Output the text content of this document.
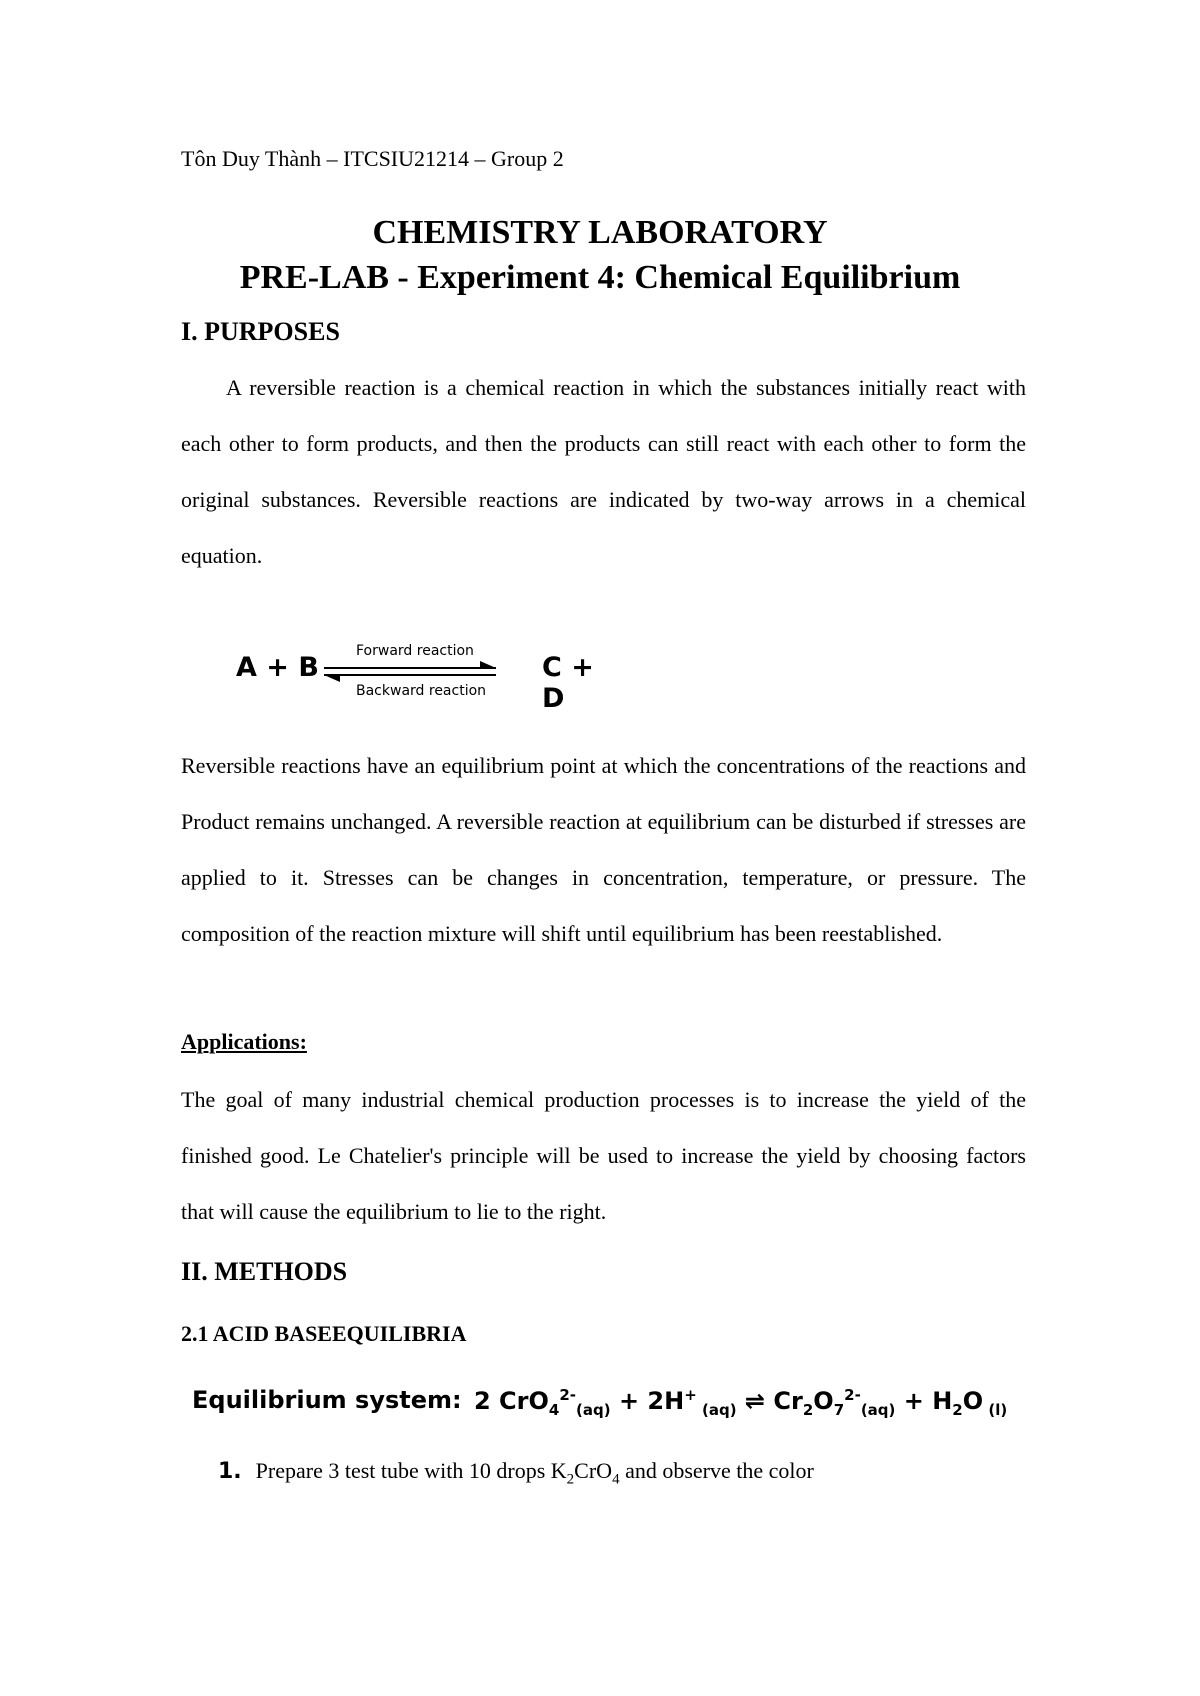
Tôn Duy Thành – ITCSIU21214 – Group 2
CHEMISTRY LABORATORY
PRE-LAB - Experiment 4: Chemical Equilibrium
I. PURPOSES
A reversible reaction is a chemical reaction in which the substances initially react with each other to form products, and then the products can still react with each other to form the original substances. Reversible reactions are indicated by two-way arrows in a chemical equation.
A + B
Forward reaction
Backward reaction
C + D
Reversible reactions have an equilibrium point at which the concentrations of the reactions and Product remains unchanged. A reversible reaction at equilibrium can be disturbed if stresses are applied to it. Stresses can be changes in concentration, temperature, or pressure. The composition of the reaction mixture will shift until equilibrium has been reestablished.
Applications:
The goal of many industrial chemical production processes is to increase the yield of the finished good. Le Chatelier's principle will be used to increase the yield by choosing factors that will cause the equilibrium to lie to the right.
II. METHODS
2.1 ACID BASEEQUILIBRIA
Equilibrium system: 2 CrO$_4^{2-}_{(aq)}$ + 2H+ $_{(aq)}$ ⇌ $Cr_2O_7^{2-}_{(aq)} + H_2O$ $_{(l)}$
1. Prepare 3 test tube with 10 drops $K_2CrO_4$ and observe the color
